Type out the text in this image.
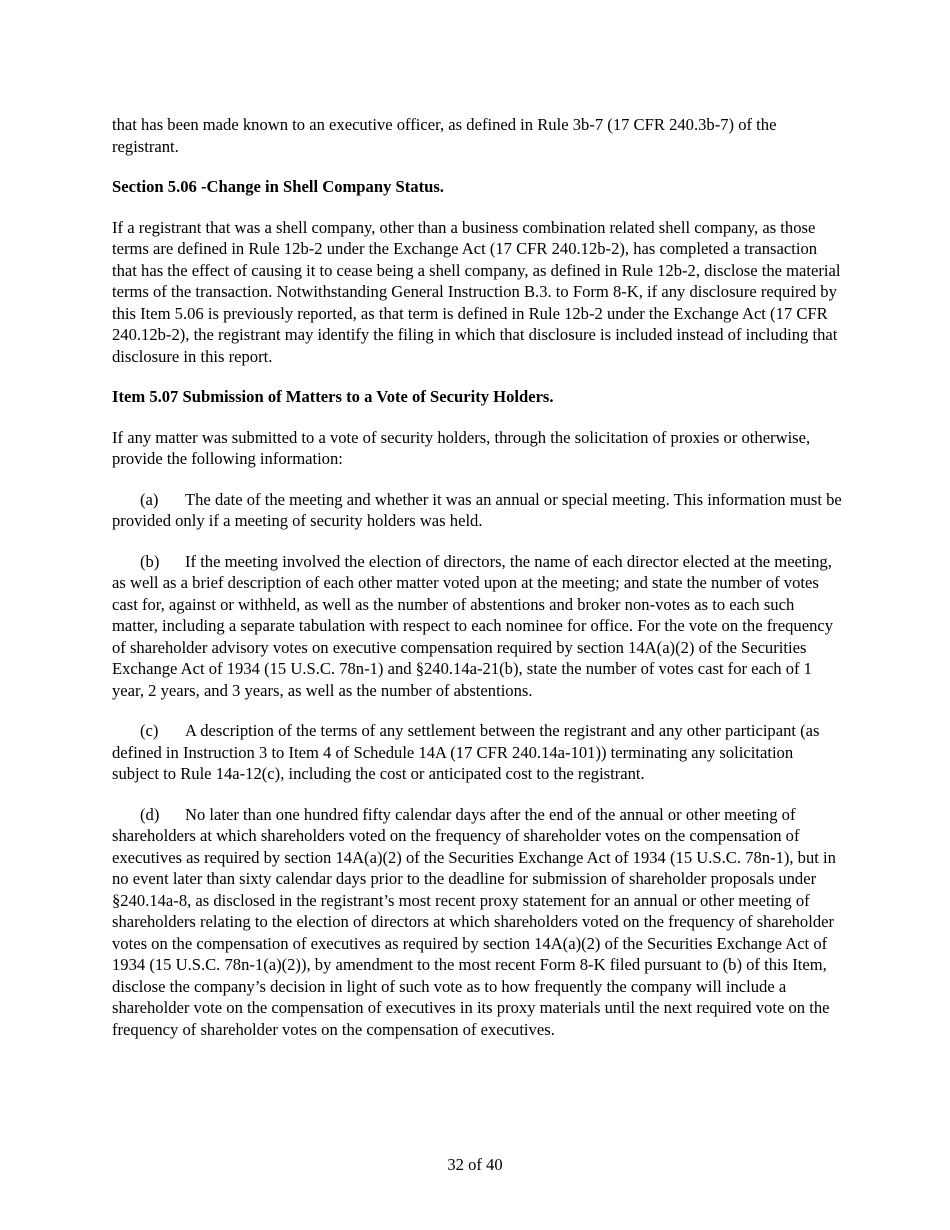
that has been made known to an executive officer, as defined in Rule 3b-7 (17 CFR 240.3b-7) of the registrant.

Section 5.06 -Change in Shell Company Status.

If a registrant that was a shell company, other than a business combination related shell company, as those terms are defined in Rule 12b-2 under the Exchange Act (17 CFR 240.12b-2), has completed a transaction that has the effect of causing it to cease being a shell company, as defined in Rule 12b-2, disclose the material terms of the transaction. Notwithstanding General Instruction B.3. to Form 8-K, if any disclosure required by this Item 5.06 is previously reported, as that term is defined in Rule 12b-2 under the Exchange Act (17 CFR 240.12b-2), the registrant may identify the filing in which that disclosure is included instead of including that disclosure in this report.

Item 5.07 Submission of Matters to a Vote of Security Holders.

If any matter was submitted to a vote of security holders, through the solicitation of proxies or otherwise, provide the following information:

(a) The date of the meeting and whether it was an annual or special meeting. This information must be provided only if a meeting of security holders was held.

(b) If the meeting involved the election of directors, the name of each director elected at the meeting, as well as a brief description of each other matter voted upon at the meeting; and state the number of votes cast for, against or withheld, as well as the number of abstentions and broker non-votes as to each such matter, including a separate tabulation with respect to each nominee for office. For the vote on the frequency of shareholder advisory votes on executive compensation required by section 14A(a)(2) of the Securities Exchange Act of 1934 (15 U.S.C. 78n-1) and §240.14a-21(b), state the number of votes cast for each of 1 year, 2 years, and 3 years, as well as the number of abstentions.

(c) A description of the terms of any settlement between the registrant and any other participant (as defined in Instruction 3 to Item 4 of Schedule 14A (17 CFR 240.14a-101)) terminating any solicitation subject to Rule 14a-12(c), including the cost or anticipated cost to the registrant.

(d) No later than one hundred fifty calendar days after the end of the annual or other meeting of shareholders at which shareholders voted on the frequency of shareholder votes on the compensation of executives as required by section 14A(a)(2) of the Securities Exchange Act of 1934 (15 U.S.C. 78n-1), but in no event later than sixty calendar days prior to the deadline for submission of shareholder proposals under §240.14a-8, as disclosed in the registrant’s most recent proxy statement for an annual or other meeting of shareholders relating to the election of directors at which shareholders voted on the frequency of shareholder votes on the compensation of executives as required by section 14A(a)(2) of the Securities Exchange Act of 1934 (15 U.S.C. 78n-1(a)(2)), by amendment to the most recent Form 8-K filed pursuant to (b) of this Item, disclose the company’s decision in light of such vote as to how frequently the company will include a shareholder vote on the compensation of executives in its proxy materials until the next required vote on the frequency of shareholder votes on the compensation of executives.

32 of 40
